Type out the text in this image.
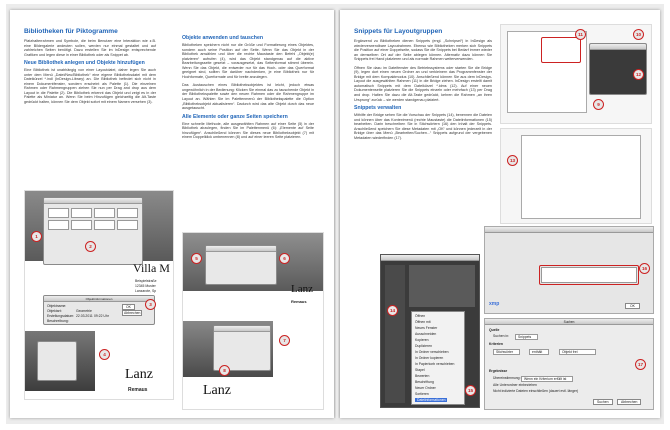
Bibliotheken für Piktogramme
Platzhalterrahmen und Symbole, die beim Benutzer eine Interaktion wie z.B. eine Bildergalerie andeuten sollen, werden nur einmal gestaltet und auf zahlreichen Seiten benötigt. Dazu erstellen Sie im InDesign entsprechende Grafiken und legen diese in einer Bibliothek oder als Snippet ab.
Neue Bibliothek anlegen und Objekte hinzufügen
Eine Bibliothek ist unabhängig von einer Layoutdatei, daher legen Sie auch unter dem Menü „Datei/Neu/Bibliothek“ eine eigene Bibliotheksdatei mit dem Dateikürzel *.indl (InDesign-Library) an. Die Bibliothek befindet sich nicht in einem Dokumentfenster, sondern erscheint als Palette (1). Die einzelnen Rahmen oder Rahmengruppen ziehen Sie nun per Drag and drop aus dem Layout in die Palette (2). Die Bibliothek erkennt das Objekt und zeigt es in der Palette als Miniatur an. Wenn Sie beim Hinzufügen gleichzeitig die Alt-Taste gedrückt halten, können Sie dem Objekt sofort mit einem Namen versehen (3).
Objekte anwenden und tauschen
Bibliotheken speichern nicht nur die Größe und Formatierung eines Objektes, sondern auch seine Position auf der Seite. Wenn Sie das Objekt in der Bibliothek anwählen und über die rechte Maustaste den Befehl „Objekt(e) platzieren“ aufrufen (4), wird das Objekt standgenau auf die aktive Bearbeitungsseite gesetzt – vorausgesetzt, das Seitenformat stimmt überein. Wenn Sie das Objekt, die entweder nur für das Hoch- oder das Querformat geeignet sind, sollten Sie darüber nachdenken, je eine Bibliothek nur für Hochformate, Querformate und für breite anzulegen.
Das Austauschen eines Bibliotheksobjektes ist leicht, jedoch etwas ungewöhnlich in der Bedienung: Klicken Sie einmal das zu tauschende Objekt in der Bibliothekspalette sowie den neuen Rahmen oder die Rahmengruppe im Layout an. Wählen Sie im Palettenmenü der Bibliothekspalette die Option „Bibliotheksobjekt aktualisieren“. Dadurch wird das alte Objekt durch das neue ausgetauscht.
Alle Elemente oder ganze Seiten speichern
Eine schnelle Methode, alle ausgewählten Rahmen auf einer Seite (5) in der Bibliothek abzulegen, finden Sie im Palettenmenü (6): „Elemente auf Seite hinzufügen“. Anschließend können Sie dieses neue Bibliotheksobjekt (7) mit einem Doppelklick umbenennen (8) und auf einer leeren Seite platzieren.
Villa M
Beispielstraße
12345 Muster
Lanzarote, Sp
Objektinformationen
Objektname:
Objektart:	Geometrie
Erstellungsdatum: 22.03.2011 09:22 Uhr
Beschreibung:
OK
Abbrechen
Lanz
Remaus
1
2
3
4
Lanz
Remaus
Lanz
5	6
7
8
Snippets für Layoutgruppen
Ergänzend zu Bibliotheken dienen Snippets (engl. „Schnipsel“) in InDesign als wiederverwendbare Layoutrahmen. Ebenso wie Bibliotheken merken sich Snippets die Position auf einer Doppelseite, sodass Sie die Snippets bei Bedarf immer wieder an demselben Ort auf der Seite ablegen können. Alternativ dazu können Sie Snippets frei Hand platzieren und als normale Rahmen weiterverwenden.
Öffnen Sie dazu im Dateifenster des Betriebssystems oder starten Sie die Bridge (9), legen dort einen neuen Ordner an und verkleinern das Programmfenster der Bridge mit dem Kompaktmodus (10). Anschließend können Sie aus dem InDesign-Layout die ausgewählten Rahmen (11) in die Bridge ziehen. InDesign erstellt damit automatisch Snippets mit dem Dateikürzel *.idms (12). Auf einer neuen Dokumentenseite platzieren Sie die Snippets einzeln oder mehrfach (13) per Drag and drop. Halten Sie dazu die Alt-Taste gedrückt, kehren die Rahmen „an ihren Ursprung“ zurück – sie werden standgenau platziert.
Snippets verwalten
Mithilfe der Bridge sehen Sie die Vorschau der Snippets (14), benennen die Dateien und können über das Kontextmenü (rechte Maustaste) die Dateiinformationen (15) bearbeiten. Darin beschreiben Sie in Stichwörtern (16) den Inhalt der Snippets. Anschließend speichern Sie diese Metadaten mit „OK“ und können jederzeit in der Bridge über das Menü „Bearbeiten/Suchen...“ Snippets aufgrund der vergebenen Metadaten wiederfinden (17).
11	10
12
9
13
Öffnen
Öffnen mit
Neues Fenster
Ausschneiden
Kopieren
Duplizieren
In Ordner verschieben
In Ordner kopieren
In Papierkorb verschieben
Stapel
Bewerten
Beschriftung
Neuer Ordner
Sortieren
Dateiinformationen
14
15
xmp	OK
16
Suchen
Quelle
Suchen in:	Snippets
Kriterien
Stichwörter	enthält	Objekt frei
Ergebnisse
Übereinstimmung:	Wenn ein Kriterium erfüllt ist
Alle Unterordner einbeziehen
Nicht indizierte Dateien einschließen (dauert evtl. länger)
Suchen	Abbrechen
17
